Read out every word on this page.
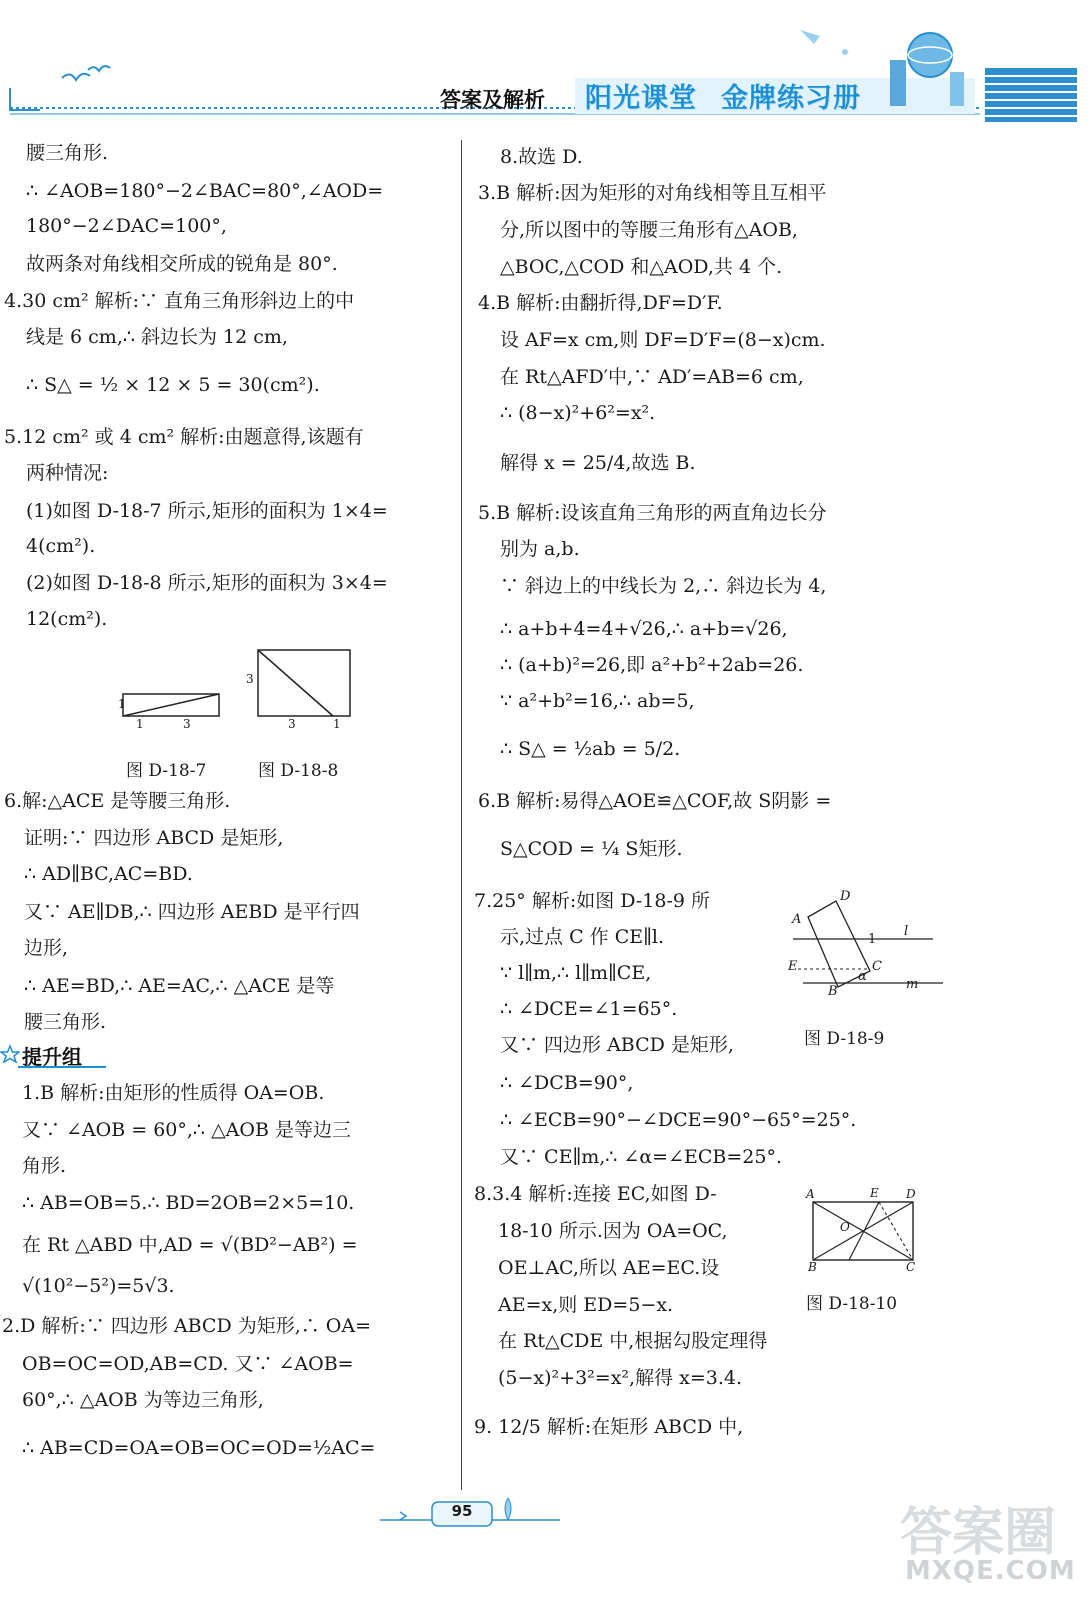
答案及解析 阳光课堂 金牌练习册
腰三角形.
∴ ∠AOB=180°−2∠BAC=80°,∠AOD=
180°−2∠DAC=100°,
故两条对角线相交所成的锐角是 80°.
4.30 cm² 解析:∵ 直角三角形斜边上的中
线是 6 cm,∴ 斜边长为 12 cm,
∴ S△ = ½ × 12 × 5 = 30(cm²).
5.12 cm² 或 4 cm² 解析:由题意得,该题有
两种情况:
(1)如图 D-18-7 所示,矩形的面积为 1×4=
4(cm²).
(2)如图 D-18-8 所示,矩形的面积为 3×4=
12(cm²).
1
1	3
3
3	1
图 D-18-7	图 D-18-8
6.解:△ACE 是等腰三角形.
证明:∵ 四边形 ABCD 是矩形,
∴ AD∥BC,AC=BD.
又∵ AE∥DB,∴ 四边形 AEBD 是平行四
边形,
∴ AE=BD,∴ AE=AC,∴ △ACE 是等
腰三角形.
提升组
1.B 解析:由矩形的性质得 OA=OB.
又∵ ∠AOB = 60°,∴ △AOB 是等边三
角形.
∴ AB=OB=5.∴ BD=2OB=2×5=10.
在 Rt △ABD 中,AD = √(BD²−AB²) =
√(10²−5²)=5√3.
2.D 解析:∵ 四边形 ABCD 为矩形,∴ OA=
OB=OC=OD,AB=CD. 又∵ ∠AOB=
60°,∴ △AOB 为等边三角形,
∴ AB=CD=OA=OB=OC=OD=½AC=
8.故选 D.
3.B 解析:因为矩形的对角线相等且互相平
分,所以图中的等腰三角形有△AOB,
△BOC,△COD 和△AOD,共 4 个.
4.B 解析:由翻折得,DF=D′F.
设 AF=x cm,则 DF=D′F=(8−x)cm.
在 Rt△AFD′中,∵ AD′=AB=6 cm,
∴ (8−x)²+6²=x².
解得 x = 25/4,故选 B.
5.B 解析:设该直角三角形的两直角边长分
别为 a,b.
∵ 斜边上的中线长为 2,∴ 斜边长为 4,
∴ a+b+4=4+√26,∴ a+b=√26,
∴ (a+b)²=26,即 a²+b²+2ab=26.
∵ a²+b²=16,∴ ab=5,
∴ S△ = ½ab = 5/2.
6.B 解析:易得△AOE≌△COF,故 S阴影 =
S△COD = ¼ S矩形.
7.25° 解析:如图 D-18-9 所
示,过点 C 作 CE∥l.
∵ l∥m,∴ l∥m∥CE,
∴ ∠DCE=∠1=65°.
又∵ 四边形 ABCD 是矩形,
∴ ∠DCB=90°,
∴ ∠ECB=90°−∠DCE=90°−65°=25°.
又∵ CE∥m,∴ ∠α=∠ECB=25°.
D
A
1
l
E	C
α
B	m
图 D-18-9
8.3.4 解析:连接 EC,如图 D-
18-10 所示.因为 OA=OC,
OE⊥AC,所以 AE=EC.设
AE=x,则 ED=5−x.
在 Rt△CDE 中,根据勾股定理得
(5−x)²+3²=x²,解得 x=3.4.
9. 12/5 解析:在矩形 ABCD 中,
A	E D
O
B	C
图 D-18-10
95	答案圈
MXQE.COM
